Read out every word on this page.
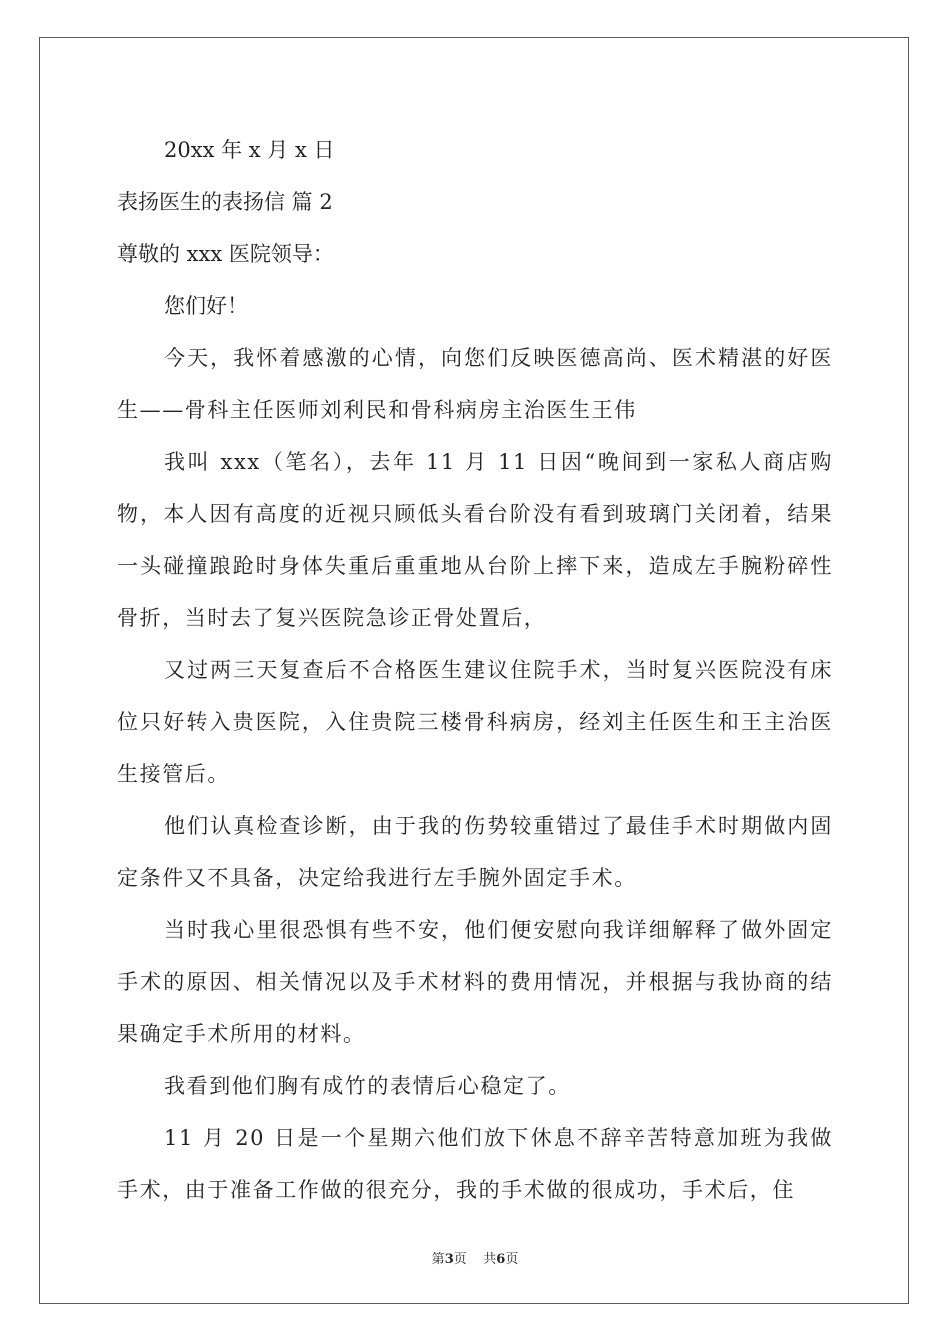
20xx 年 x 月 x 日
表扬医生的表扬信 篇 2
尊敬的 xxx 医院领导：
您们好！

今天，我怀着感激的心情，向您们反映医德高尚、医术精湛的好医生——骨科主任医师刘利民和骨科病房主治医生王伟

我叫 xxx（笔名），去年 11 月 11 日因“晚间到一家私人商店购物，本人因有高度的近视只顾低头看台阶没有看到玻璃门关闭着，结果一头碰撞踉跄时身体失重后重重地从台阶上摔下来，造成左手腕粉碎性骨折，当时去了复兴医院急诊正骨处置后，

又过两三天复查后不合格医生建议住院手术，当时复兴医院没有床位只好转入贵医院，入住贵院三楼骨科病房，经刘主任医生和王主治医生接管后。

他们认真检查诊断，由于我的伤势较重错过了最佳手术时期做内固定条件又不具备，决定给我进行左手腕外固定手术。

当时我心里很恐惧有些不安，他们便安慰向我详细解释了做外固定手术的原因、相关情况以及手术材料的费用情况，并根据与我协商的结果确定手术所用的材料。

我看到他们胸有成竹的表情后心稳定了。

11 月 20 日是一个星期六他们放下休息不辞辛苦特意加班为我做手术，由于准备工作做的很充分，我的手术做的很成功，手术后，住

第3页    共6页
